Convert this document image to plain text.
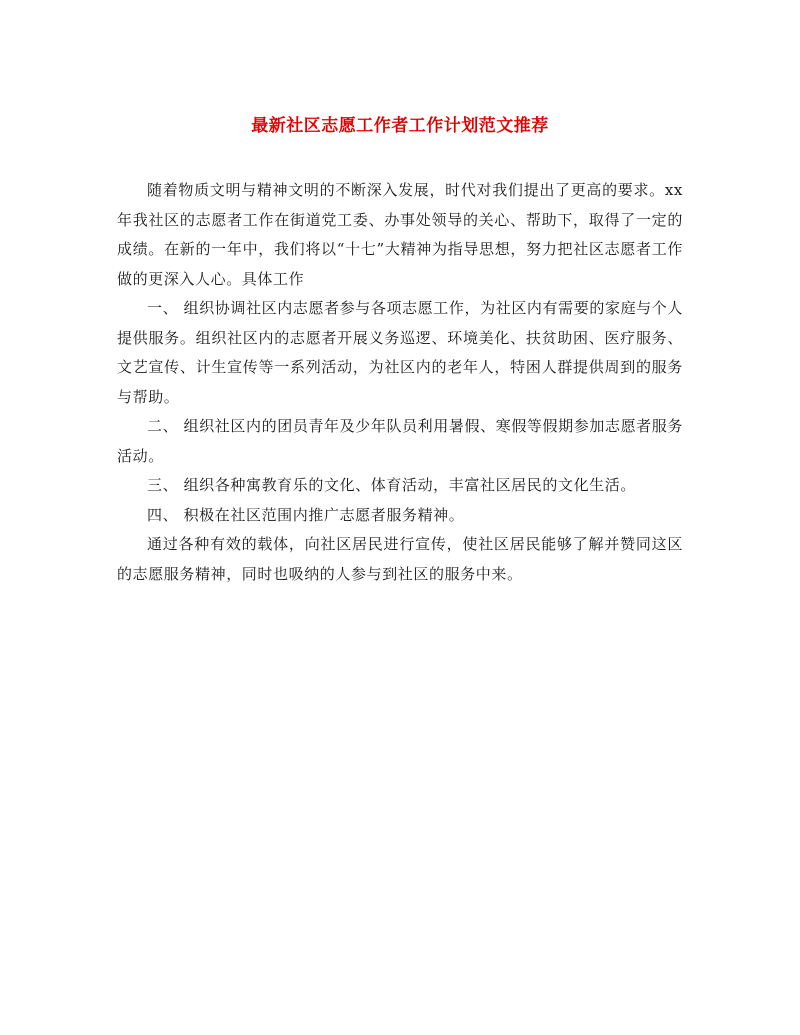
最新社区志愿工作者工作计划范文推荐

随着物质文明与精神文明的不断深入发展，时代对我们提出了更高的要求。xx年我社区的志愿者工作在街道党工委、办事处领导的关心、帮助下，取得了一定的成绩。在新的一年中，我们将以“十七”大精神为指导思想，努力把社区志愿者工作做的更深入人心。具体工作

一、 组织协调社区内志愿者参与各项志愿工作，为社区内有需要的家庭与个人提供服务。组织社区内的志愿者开展义务巡逻、环境美化、扶贫助困、医疗服务、文艺宣传、计生宣传等一系列活动，为社区内的老年人，特困人群提供周到的服务与帮助。

二、 组织社区内的团员青年及少年队员利用暑假、寒假等假期参加志愿者服务活动。

三、 组织各种寓教育乐的文化、体育活动，丰富社区居民的文化生活。

四、 积极在社区范围内推广志愿者服务精神。

通过各种有效的载体，向社区居民进行宣传，使社区居民能够了解并赞同这区的志愿服务精神，同时也吸纳的人参与到社区的服务中来。
